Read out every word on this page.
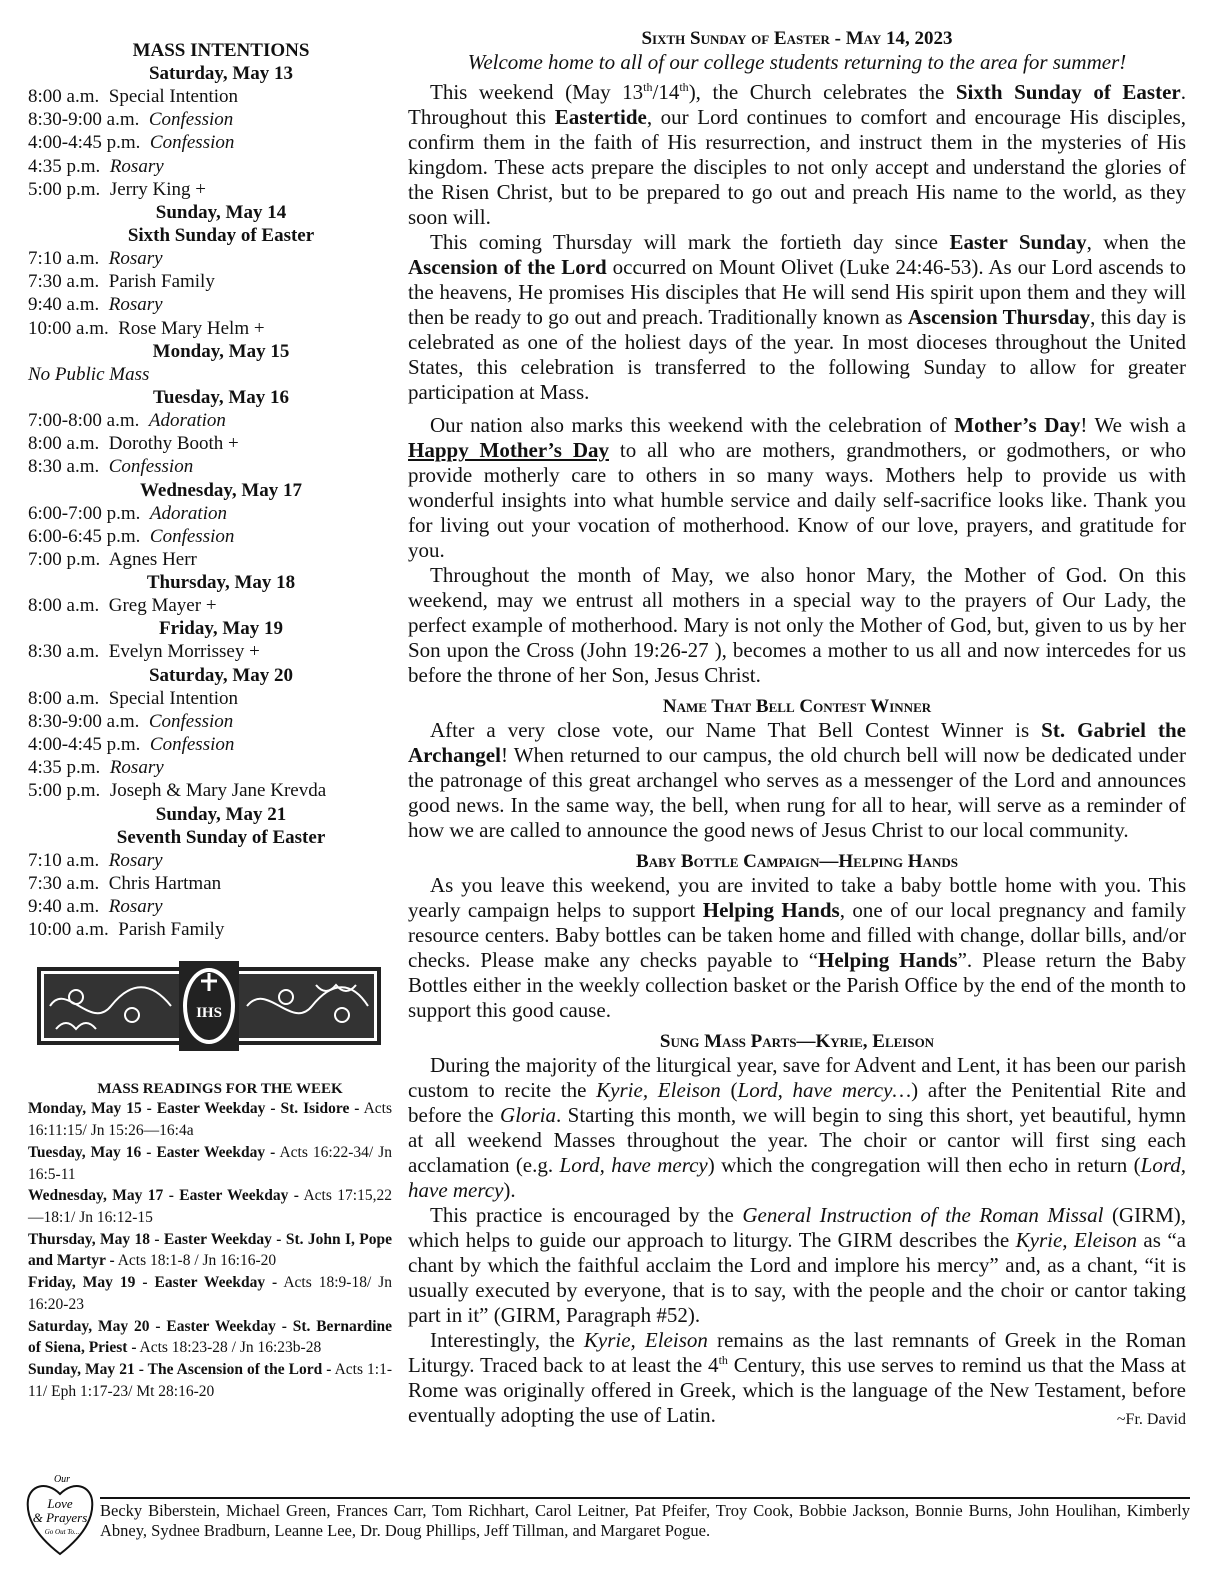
MASS INTENTIONS
Saturday, May 13
8:00 a.m. Special Intention
8:30-9:00 a.m. Confession
4:00-4:45 p.m. Confession
4:35 p.m. Rosary
5:00 p.m. Jerry King +
Sunday, May 14
Sixth Sunday of Easter
7:10 a.m. Rosary
7:30 a.m. Parish Family
9:40 a.m. Rosary
10:00 a.m. Rose Mary Helm +
Monday, May 15
No Public Mass
Tuesday, May 16
7:00-8:00 a.m. Adoration
8:00 a.m. Dorothy Booth +
8:30 a.m. Confession
Wednesday, May 17
6:00-7:00 p.m. Adoration
6:00-6:45 p.m. Confession
7:00 p.m. Agnes Herr
Thursday, May 18
8:00 a.m. Greg Mayer +
Friday, May 19
8:30 a.m. Evelyn Morrissey +
Saturday, May 20
8:00 a.m. Special Intention
8:30-9:00 a.m. Confession
4:00-4:45 p.m. Confession
4:35 p.m. Rosary
5:00 p.m. Joseph & Mary Jane Krevda
Sunday, May 21
Seventh Sunday of Easter
7:10 a.m. Rosary
7:30 a.m. Chris Hartman
9:40 a.m. Rosary
10:00 a.m. Parish Family
IHS
MASS READINGS FOR THE WEEK
Monday, May 15 - Easter Weekday - St. Isidore - Acts 16:11:15/ Jn 15:26—16:4a
Tuesday, May 16 - Easter Weekday - Acts 16:22-34/ Jn 16:5-11
Wednesday, May 17 - Easter Weekday - Acts 17:15,22—18:1/ Jn 16:12-15
Thursday, May 18 - Easter Weekday - St. John I, Pope and Martyr - Acts 18:1-8 / Jn 16:16-20
Friday, May 19 - Easter Weekday - Acts 18:9-18/ Jn 16:20-23
Saturday, May 20 - Easter Weekday - St. Bernardine of Siena, Priest - Acts 18:23-28 / Jn 16:23b-28
Sunday, May 21 - The Ascension of the Lord - Acts 1:1-11/ Eph 1:17-23/ Mt 28:16-20
Sixth Sunday of Easter - May 14, 2023
Welcome home to all of our college students returning to the area for summer!

This weekend (May 13th/14th), the Church celebrates the Sixth Sunday of Easter. Throughout this Eastertide, our Lord continues to comfort and encourage His disciples, confirm them in the faith of His resurrection, and instruct them in the mysteries of His kingdom. These acts prepare the disciples to not only accept and understand the glories of the Risen Christ, but to be prepared to go out and preach His name to the world, as they soon will.

This coming Thursday will mark the fortieth day since Easter Sunday, when the Ascension of the Lord occurred on Mount Olivet (Luke 24:46-53). As our Lord ascends to the heavens, He promises His disciples that He will send His spirit upon them and they will then be ready to go out and preach. Traditionally known as Ascension Thursday, this day is celebrated as one of the holiest days of the year. In most dioceses throughout the United States, this celebration is transferred to the following Sunday to allow for greater participation at Mass.

Our nation also marks this weekend with the celebration of Mother’s Day! We wish a Happy Mother’s Day to all who are mothers, grandmothers, or godmothers, or who provide motherly care to others in so many ways. Mothers help to provide us with wonderful insights into what humble service and daily self-sacrifice looks like. Thank you for living out your vocation of motherhood. Know of our love, prayers, and gratitude for you.

Throughout the month of May, we also honor Mary, the Mother of God. On this weekend, may we entrust all mothers in a special way to the prayers of Our Lady, the perfect example of motherhood. Mary is not only the Mother of God, but, given to us by her Son upon the Cross (John 19:26-27 ), becomes a mother to us all and now intercedes for us before the throne of her Son, Jesus Christ.

Name That Bell Contest Winner

After a very close vote, our Name That Bell Contest Winner is St. Gabriel the Archangel! When returned to our campus, the old church bell will now be dedicated under the patronage of this great archangel who serves as a messenger of the Lord and announces good news. In the same way, the bell, when rung for all to hear, will serve as a reminder of how we are called to announce the good news of Jesus Christ to our local community.

Baby Bottle Campaign—Helping Hands

As you leave this weekend, you are invited to take a baby bottle home with you. This yearly campaign helps to support Helping Hands, one of our local pregnancy and family resource centers. Baby bottles can be taken home and filled with change, dollar bills, and/or checks. Please make any checks payable to “Helping Hands”. Please return the Baby Bottles either in the weekly collection basket or the Parish Office by the end of the month to support this good cause.

Sung Mass Parts—Kyrie, Eleison

During the majority of the liturgical year, save for Advent and Lent, it has been our parish custom to recite the Kyrie, Eleison (Lord, have mercy…) after the Penitential Rite and before the Gloria. Starting this month, we will begin to sing this short, yet beautiful, hymn at all weekend Masses throughout the year. The choir or cantor will first sing each acclamation (e.g. Lord, have mercy) which the congregation will then echo in return (Lord, have mercy).

This practice is encouraged by the General Instruction of the Roman Missal (GIRM), which helps to guide our approach to liturgy. The GIRM describes the Kyrie, Eleison as “a chant by which the faithful acclaim the Lord and implore his mercy” and, as a chant, “it is usually executed by everyone, that is to say, with the people and the choir or cantor taking part in it” (GIRM, Paragraph #52).

Interestingly, the Kyrie, Eleison remains as the last remnants of Greek in the Roman Liturgy. Traced back to at least the 4th Century, this use serves to remind us that the Mass at Rome was originally offered in Greek, which is the language of the New Testament, before eventually adopting the use of Latin.	~Fr. David

Our
Love
& Prayers
Go Out To...
Becky Biberstein, Michael Green, Frances Carr, Tom Richhart, Carol Leitner, Pat Pfeifer, Troy Cook, Bobbie Jackson, Bonnie Burns, John Houlihan, Kimberly Abney, Sydnee Bradburn, Leanne Lee, Dr. Doug Phillips, Jeff Tillman, and Margaret Pogue.
